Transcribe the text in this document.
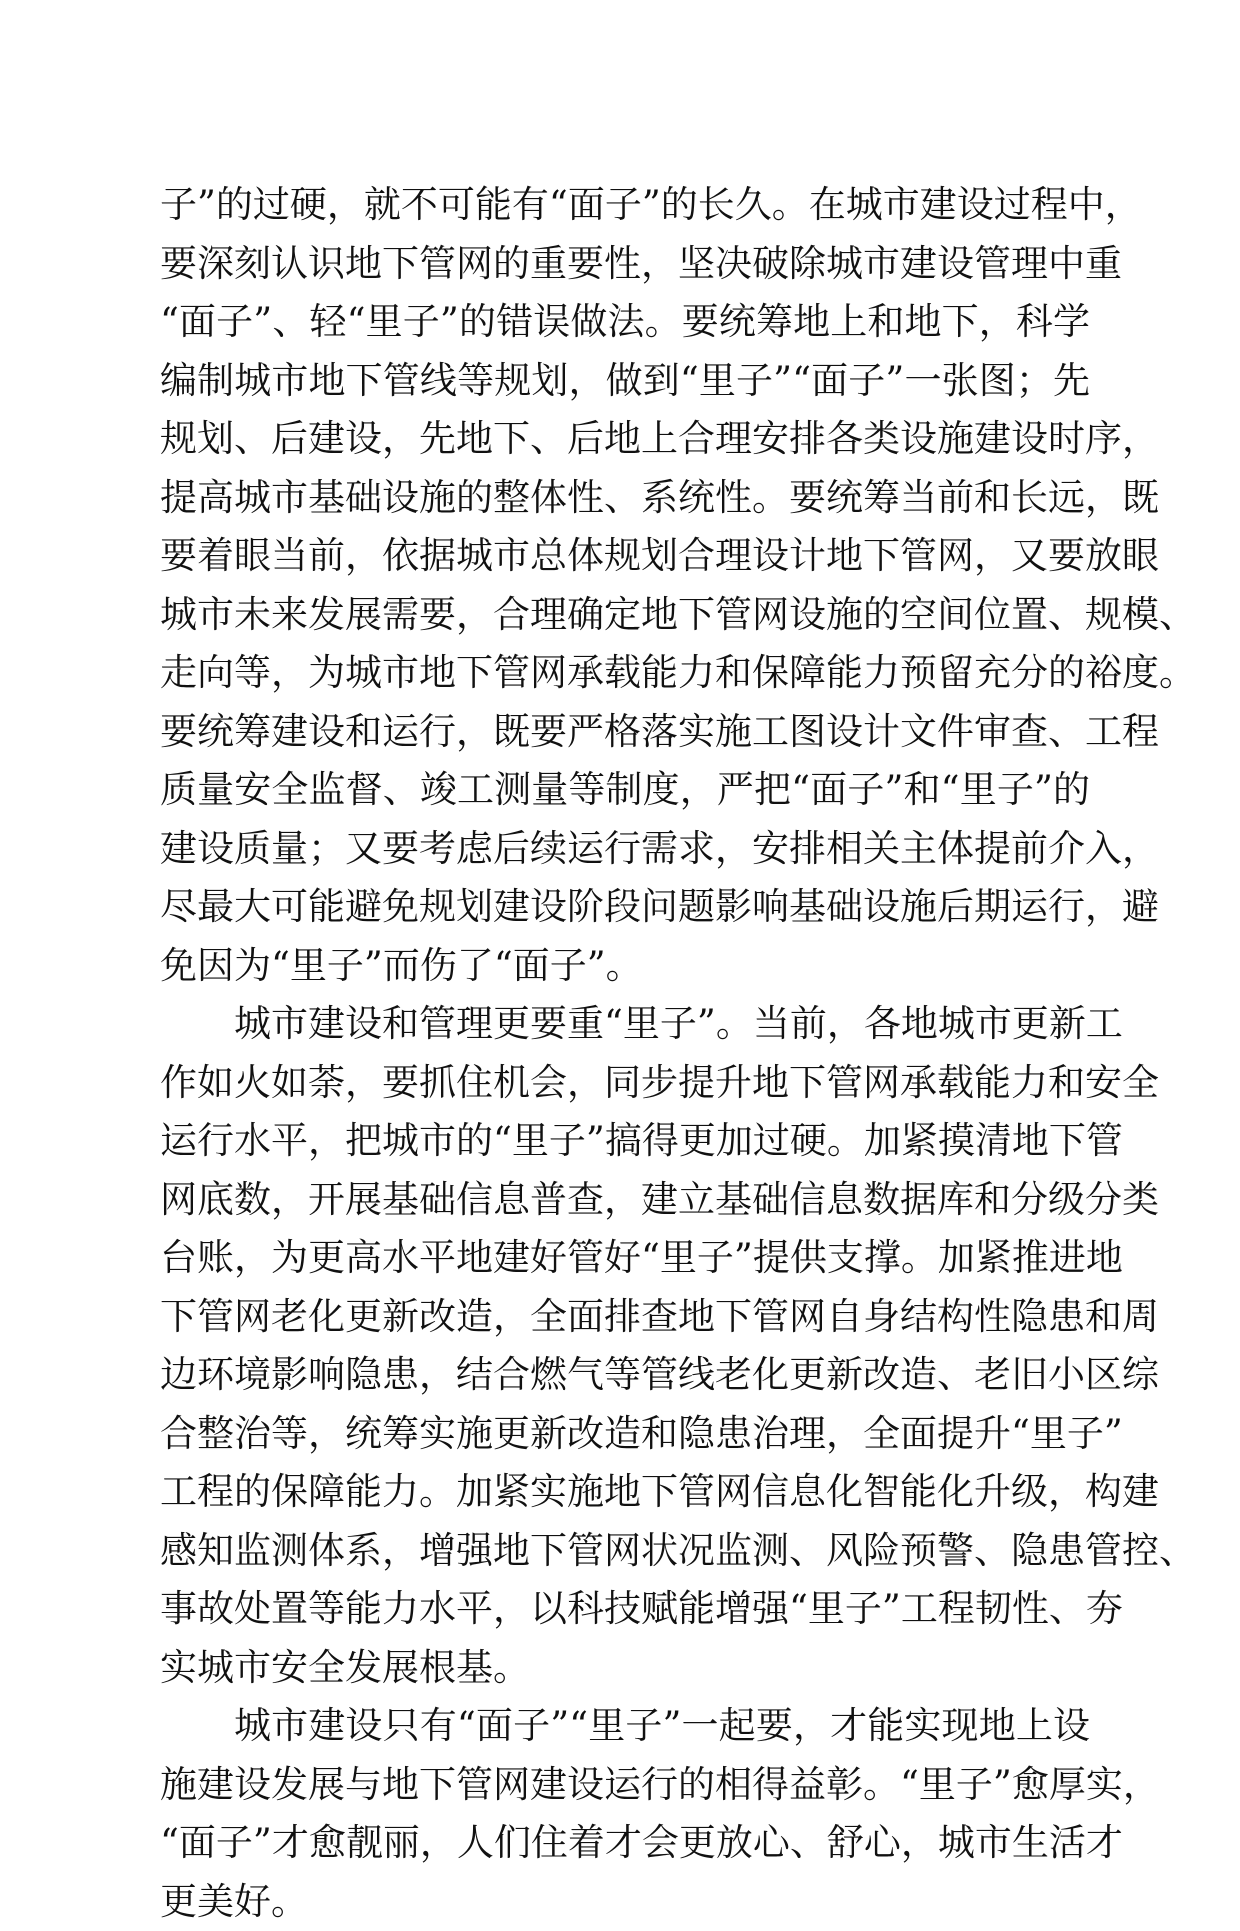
子”的过硬，就不可能有“面子”的长久。在城市建设过程中，
要深刻认识地下管网的重要性，坚决破除城市建设管理中重
“面子”、轻“里子”的错误做法。要统筹地上和地下，科学
编制城市地下管线等规划，做到“里子”“面子”一张图；先
规划、后建设，先地下、后地上合理安排各类设施建设时序，
提高城市基础设施的整体性、系统性。要统筹当前和长远，既
要着眼当前，依据城市总体规划合理设计地下管网，又要放眼
城市未来发展需要，合理确定地下管网设施的空间位置、规模、
走向等，为城市地下管网承载能力和保障能力预留充分的裕度。
要统筹建设和运行，既要严格落实施工图设计文件审查、工程
质量安全监督、竣工测量等制度，严把“面子”和“里子”的
建设质量；又要考虑后续运行需求，安排相关主体提前介入，
尽最大可能避免规划建设阶段问题影响基础设施后期运行，避
免因为“里子”而伤了“面子”。
城市建设和管理更要重“里子”。当前，各地城市更新工
作如火如荼，要抓住机会，同步提升地下管网承载能力和安全
运行水平，把城市的“里子”搞得更加过硬。加紧摸清地下管
网底数，开展基础信息普查，建立基础信息数据库和分级分类
台账，为更高水平地建好管好“里子”提供支撑。加紧推进地
下管网老化更新改造，全面排查地下管网自身结构性隐患和周
边环境影响隐患，结合燃气等管线老化更新改造、老旧小区综
合整治等，统筹实施更新改造和隐患治理，全面提升“里子”
工程的保障能力。加紧实施地下管网信息化智能化升级，构建
感知监测体系，增强地下管网状况监测、风险预警、隐患管控、
事故处置等能力水平，以科技赋能增强“里子”工程韧性、夯
实城市安全发展根基。
城市建设只有“面子”“里子”一起要，才能实现地上设
施建设发展与地下管网建设运行的相得益彰。“里子”愈厚实，
“面子”才愈靓丽，人们住着才会更放心、舒心，城市生活才
更美好。
